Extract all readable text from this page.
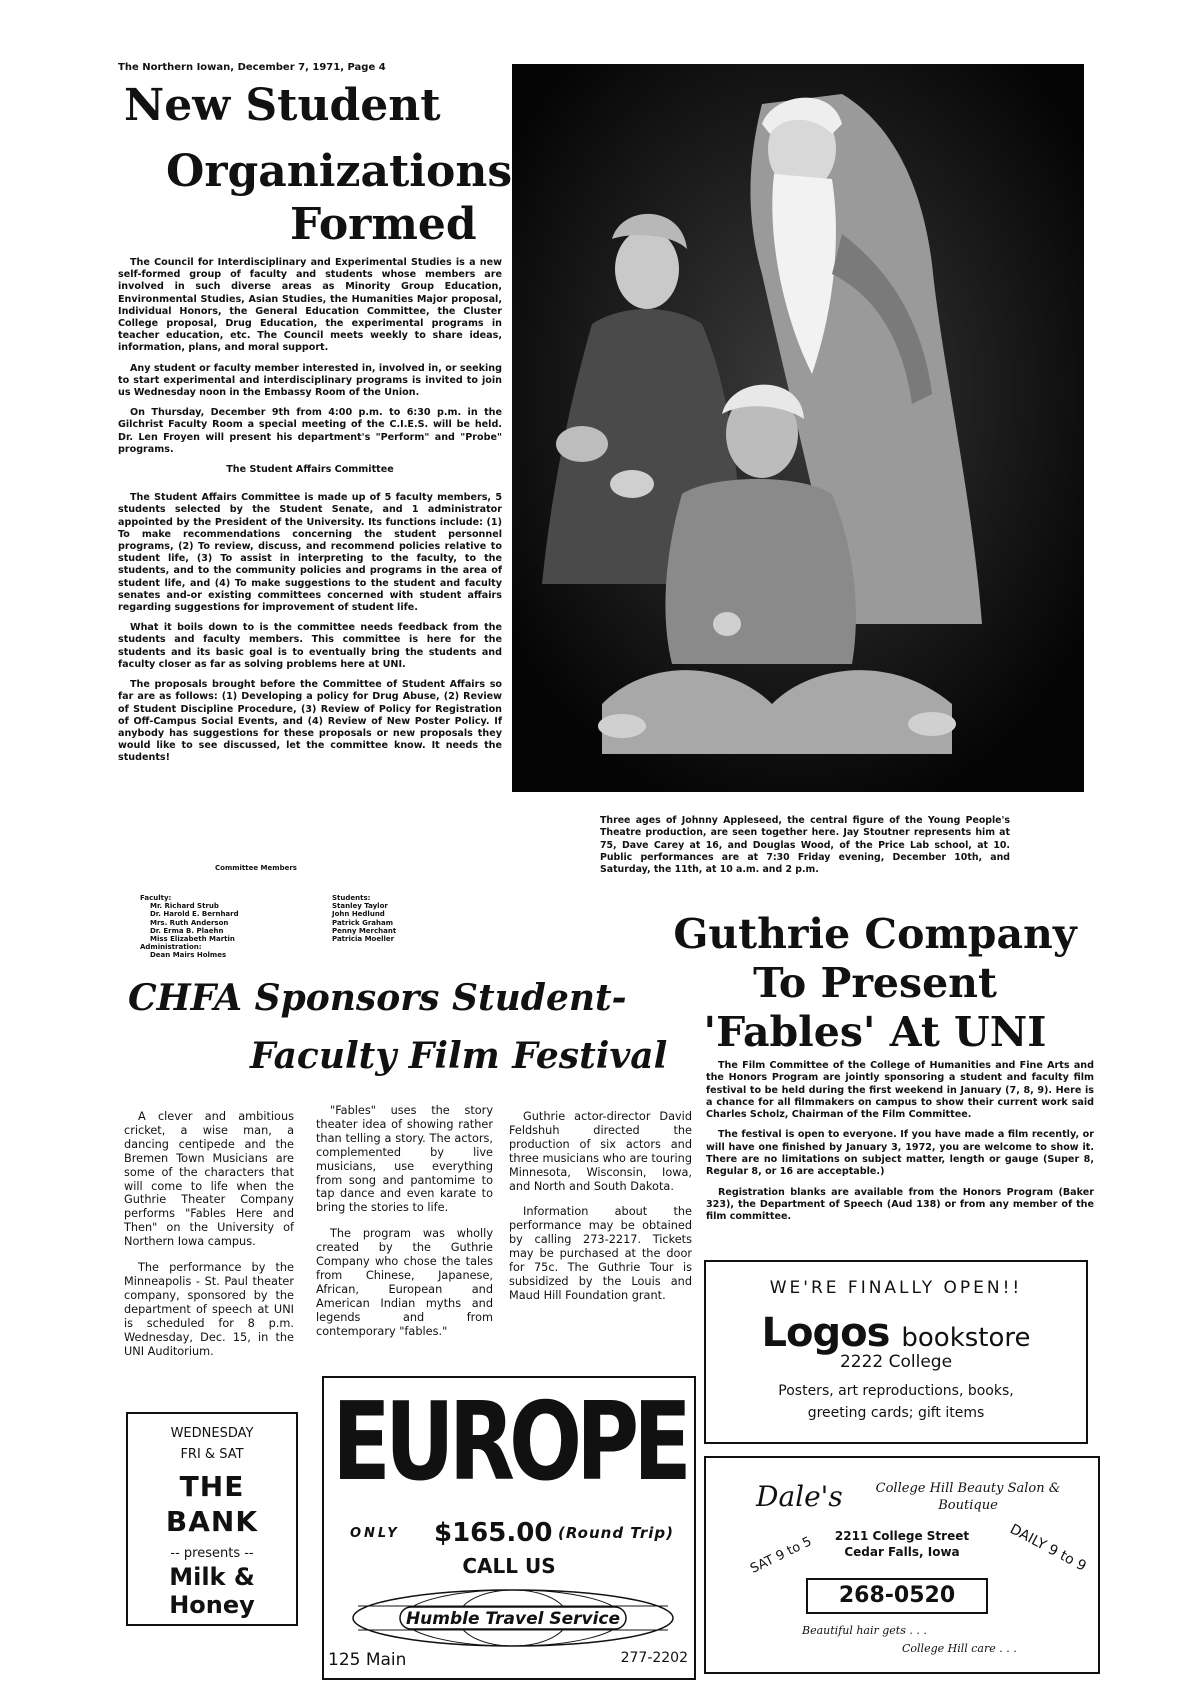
The Northern Iowan, December 7, 1971, Page 4
New Student
Organizations
Formed

The Council for Interdisciplinary and Experimental Studies is a new self-formed group of faculty and students whose members are involved in such diverse areas as Minority Group Education, Environmental Studies, Asian Studies, the Humanities Major proposal, Individual Honors, the General Education Committee, the Cluster College proposal, Drug Education, the experimental programs in teacher education, etc. The Council meets weekly to share ideas, information, plans, and moral support.

Any student or faculty member interested in, involved in, or seeking to start experimental and interdisciplinary programs is invited to join us Wednesday noon in the Embassy Room of the Union.

On Thursday, December 9th from 4:00 p.m. to 6:30 p.m. in the Gilchrist Faculty Room a special meeting of the C.I.E.S. will be held. Dr. Len Froyen will present his department's "Perform" and "Probe" programs.

The Student Affairs Committee

The Student Affairs Committee is made up of 5 faculty members, 5 students selected by the Student Senate, and 1 administrator appointed by the President of the University. Its functions include: (1) To make recommendations concerning the student personnel programs, (2) To review, discuss, and recommend policies relative to student life, (3) To assist in interpreting to the faculty, to the students, and to the community policies and programs in the area of student life, and (4) To make suggestions to the student and faculty senates and-or existing committees concerned with student affairs regarding suggestions for improvement of student life.

What it boils down to is the committee needs feedback from the students and faculty members. This committee is here for the students and its basic goal is to eventually bring the students and faculty closer as far as solving problems here at UNI.

The proposals brought before the Committee of Student Affairs so far are as follows: (1) Developing a policy for Drug Abuse, (2) Review of Student Discipline Procedure, (3) Review of Policy for Registration of Off-Campus Social Events, and (4) Review of New Poster Policy. If anybody has suggestions for these proposals or new proposals they would like to see discussed, let the committee know. It needs the students!

Three ages of Johnny Appleseed, the central figure of the Young People's Theatre production, are seen together here. Jay Stoutner represents him at 75, Dave Carey at 16, and Douglas Wood, of the Price Lab school, at 10. Public performances are at 7:30 Friday evening, December 10th, and Saturday, the 11th, at 10 a.m. and 2 p.m.
Committee Members
Faculty:
Mr. Richard Strub
Dr. Harold E. Bernhard
Mrs. Ruth Anderson
Dr. Erma B. Plaehn
Miss Elizabeth Martin
Administration:
Dean Mairs Holmes
Students:
Stanley Taylor
John Hedlund
Patrick Graham
Penny Merchant
Patricia Moeller
CHFA Sponsors Student-
Faculty Film Festival
Guthrie Company
To Present
'Fables' At UNI

A clever and ambitious cricket, a wise man, a dancing centipede and the Bremen Town Musicians are some of the characters that will come to life when the Guthrie Theater Company performs "Fables Here and Then" on the University of Northern Iowa campus.

The performance by the Minneapolis - St. Paul theater company, sponsored by the department of speech at UNI is scheduled for 8 p.m. Wednesday, Dec. 15, in the UNI Auditorium.

"Fables" uses the story theater idea of showing rather than telling a story. The actors, complemented by live musicians, use everything from song and pantomime to tap dance and even karate to bring the stories to life.

The program was wholly created by the Guthrie Company who chose the tales from Chinese, Japanese, African, European and American Indian myths and legends and from contemporary "fables."

Guthrie actor-director David Feldshuh directed the production of six actors and three musicians who are touring Minnesota, Wisconsin, Iowa, and North and South Dakota.

Information about the performance may be obtained by calling 273-2217. Tickets may be purchased at the door for 75c. The Guthrie Tour is subsidized by the Louis and Maud Hill Foundation grant.

The Film Committee of the College of Humanities and Fine Arts and the Honors Program are jointly sponsoring a student and faculty film festival to be held during the first weekend in January (7, 8, 9). Here is a chance for all filmmakers on campus to show their current work said Charles Scholz, Chairman of the Film Committee.

The festival is open to everyone. If you have made a film recently, or will have one finished by January 3, 1972, you are welcome to show it. There are no limitations on subject matter, length or gauge (Super 8, Regular 8, or 16 are acceptable.)

Registration blanks are available from the Honors Program (Baker 323), the Department of Speech (Aud 138) or from any member of the film committee.

WE'RE FINALLY OPEN!!
Logos bookstore
2222 College
Posters, art reproductions, books,
greeting cards; gift items
WEDNESDAY
FRI & SAT
THE
BANK
-- presents --
Milk & Honey
EUROPE
ONLY $165.00 (Round Trip)
CALL US
Humble Travel Service
125 Main	277-2202
Dale's	College Hill Beauty Salon &
Boutique
2211 College Street
Cedar Falls, Iowa
SAT 9 to 5	DAILY 9 to 9
268-0520
Beautiful hair gets . . .
College Hill care . . .
